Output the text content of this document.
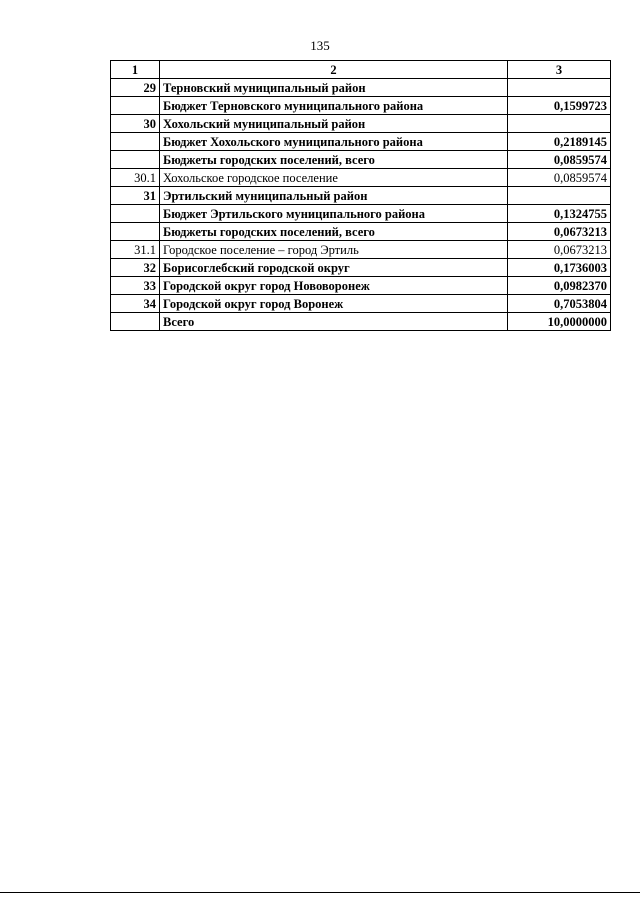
135
1	2	3
29	Терновский муниципальный район	
	Бюджет Терновского муниципального района	0,1599723
30	Хохольский муниципальный район	
	Бюджет Хохольского муниципального района	0,2189145
	Бюджеты городских поселений, всего	0,0859574
30.1	Хохольское городское поселение	0,0859574
31	Эртильский муниципальный район	
	Бюджет Эртильского муниципального района	0,1324755
	Бюджеты городских поселений, всего	0,0673213
31.1	Городское поселение – город Эртиль	0,0673213
32	Борисоглебский городской округ	0,1736003
33	Городской округ город Нововоронеж	0,0982370
34	Городской округ город Воронеж	0,7053804
	Всего	10,0000000
